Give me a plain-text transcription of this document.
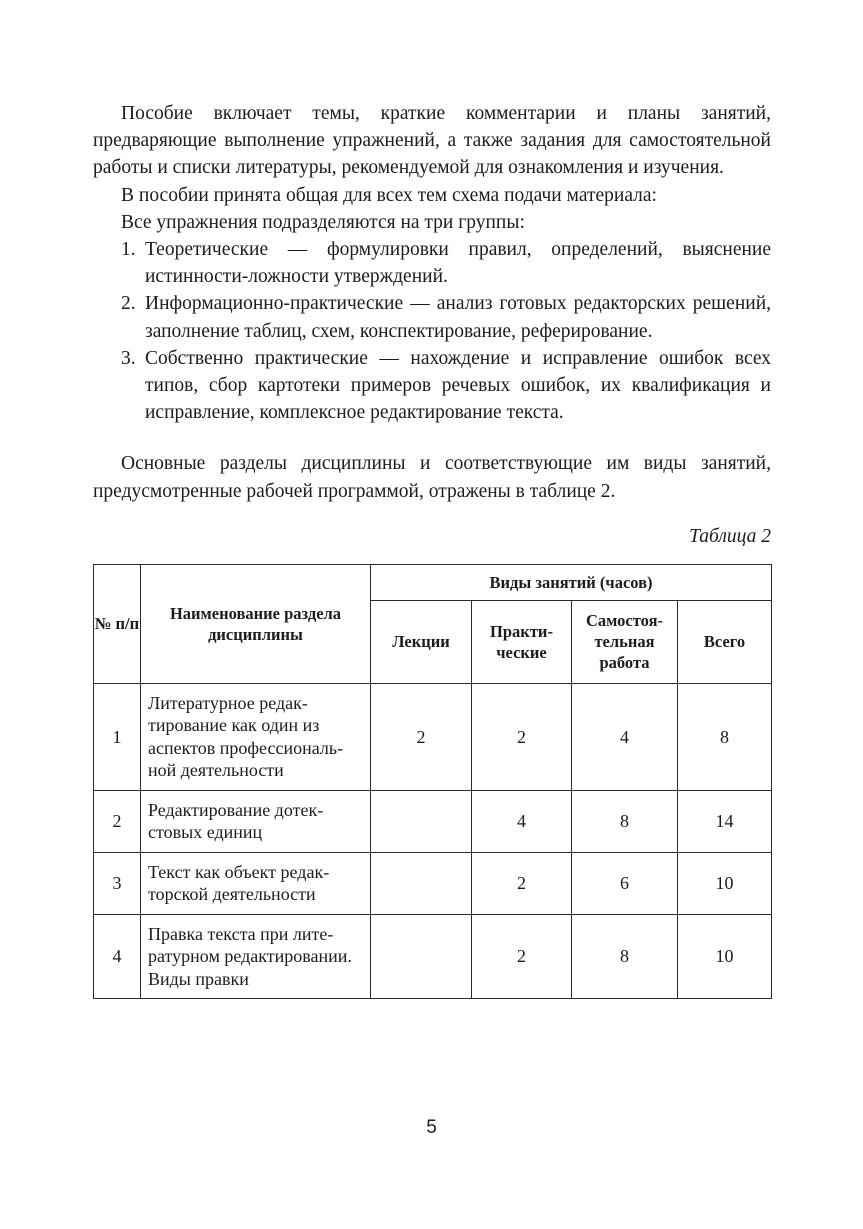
Пособие включает темы, краткие комментарии и планы занятий, предваряющие выполнение упражнений, а также задания для самостоятельной работы и списки литературы, рекомендуемой для ознакомления и изучения.

В пособии принята общая для всех тем схема подачи материала:

Все упражнения подразделяются на три группы:

1. Теоретические — формулировки правил, определений, выяснение истинности-ложности утверждений.
2. Информационно-практические — анализ готовых редакторских решений, заполнение таблиц, схем, конспектирование, реферирование.
3. Собственно практические — нахождение и исправление ошибок всех типов, сбор картотеки примеров речевых ошибок, их квалификация и исправление, комплексное редактирование текста.

Основные разделы дисциплины и соответствующие им виды занятий, предусмотренные рабочей программой, отражены в таблице 2.

Таблица 2
№ п/п	Наименование раздела дисциплины	Виды занятий (часов)			
		Лекции	Практические	Самостоятельная работа	Всего
1	Литературное редактирование как один из аспектов профессиональной деятельности	2	2	4	8
2	Редактирование дотекстовых единиц		4	8	14
3	Текст как объект редакторской деятельности		2	6	10
4	Правка текста при литературном редактировании. Виды правки		2	8	10
5
